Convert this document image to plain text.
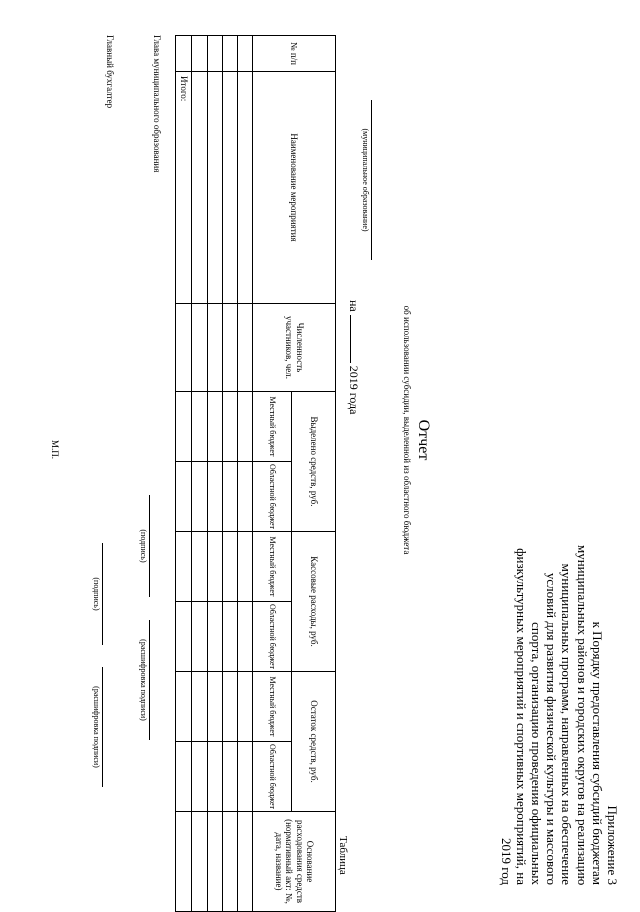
Приложение 3
к Порядку предоставления субсидий бюджетам
муниципальных районов и городских округов на реализацию
муниципальных программ, направленных на обеспечение
условий для развития физической культуры и массового
спорта, организацию проведения официальных
физкультурных мероприятий и спортивных мероприятий, на
2019 год
Отчет
об использовании субсидии, выделенной из областного бюджета
(муниципальное образование)
на2019 года
Таблица
№ п/п	Наименование мероприятия	Численность участников, чел.	Выделено средств, руб.		Кассовые расходы, руб.		Остаток средств, руб.		Основание расходования средств (нормативный акт: №, дата, название)
			Местный бюджет	Областной бюджет	Местный бюджет	Областной бюджет	Местный бюджет	Областной бюджет	

	Итого:								
Глава муниципального образования
(подпись)
(расшифровка подписи)
Главный бухгалтер
(подпись)
(расшифровка подписи)
М.П.
